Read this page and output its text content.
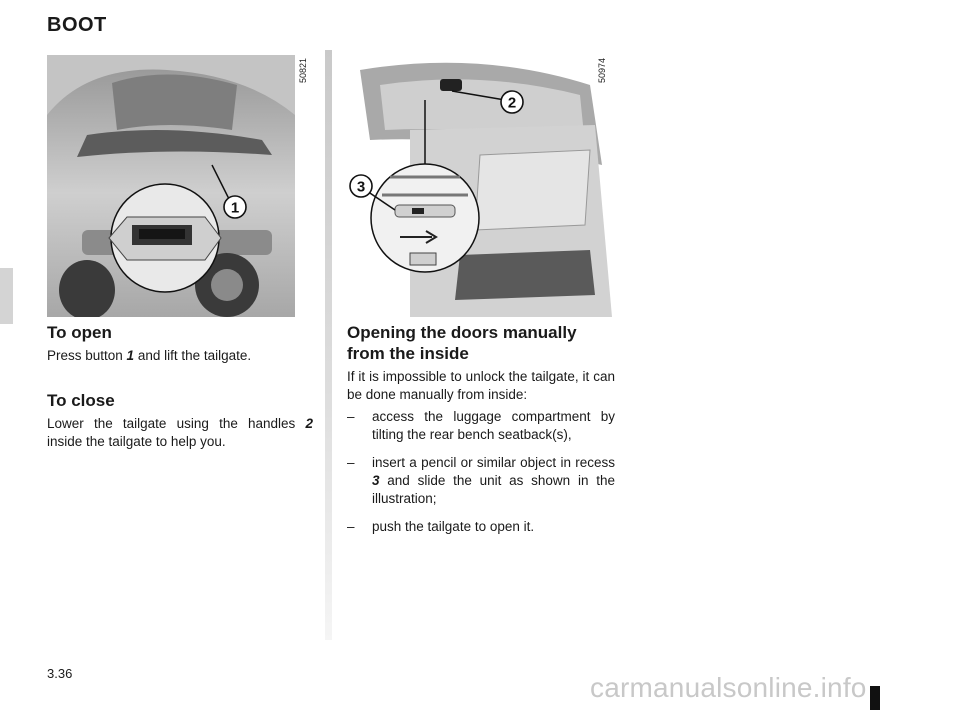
BOOT
1
50821
2
3
50974
To open
Press button 1 and lift the tailgate.
To close
Lower the tailgate using the handles 2 inside the tailgate to help you.
Opening the doors manually
from the inside
If it is impossible to unlock the tailgate, it can be done manually from inside:
– access the luggage compartment by tilting the rear bench seatback(s),
– insert a pencil or similar object in recess 3 and slide the unit as shown in the illustration;
– push the tailgate to open it.
3.36	carmanualsonline.info
